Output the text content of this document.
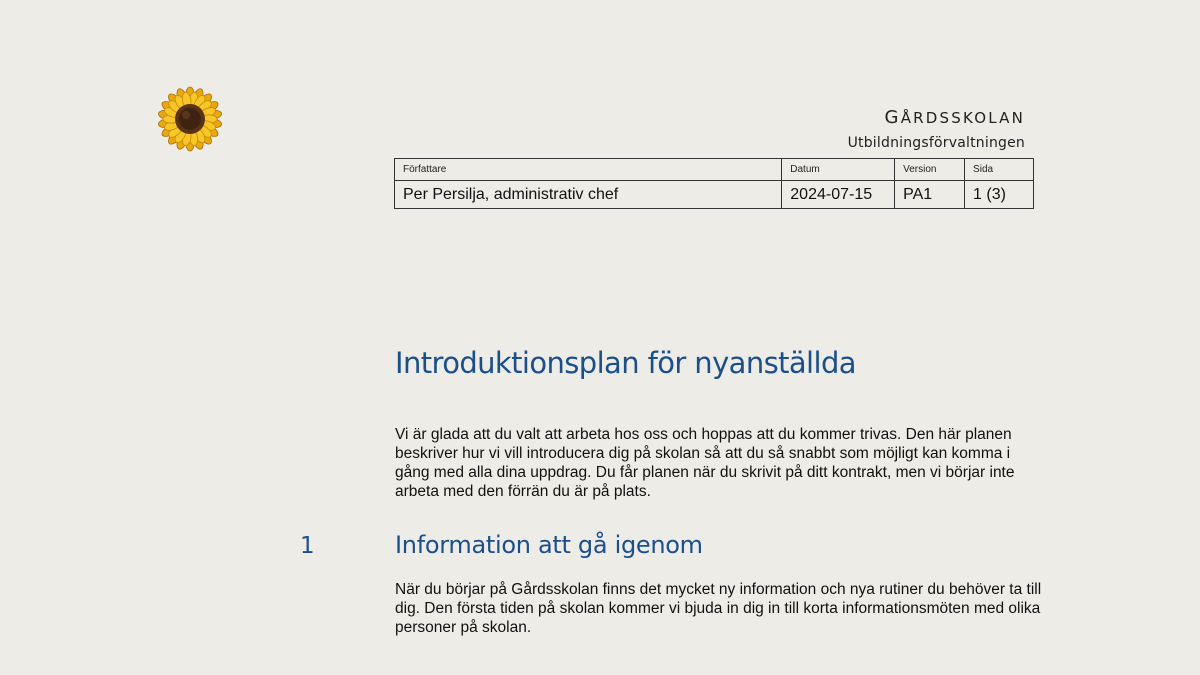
GÅRDSSKOLAN
Utbildningsförvaltningen
Författare	Datum	Version	Sida
Per Persilja, administrativ chef	2024-07-15	PA1	1 (3)
Introduktionsplan för nyanställda

Vi är glada att du valt att arbeta hos oss och hoppas att du kommer trivas. Den här planen beskriver hur vi vill introducera dig på skolan så att du så snabbt som möjligt kan komma i gång med alla dina uppdrag. Du får planen när du skrivit på ditt kontrakt, men vi börjar inte arbeta med den förrän du är på plats.

1	Information att gå igenom

När du börjar på Gårdsskolan finns det mycket ny information och nya rutiner du behöver ta till dig. Den första tiden på skolan kommer vi bjuda in dig in till korta informationsmöten med olika personer på skolan.
